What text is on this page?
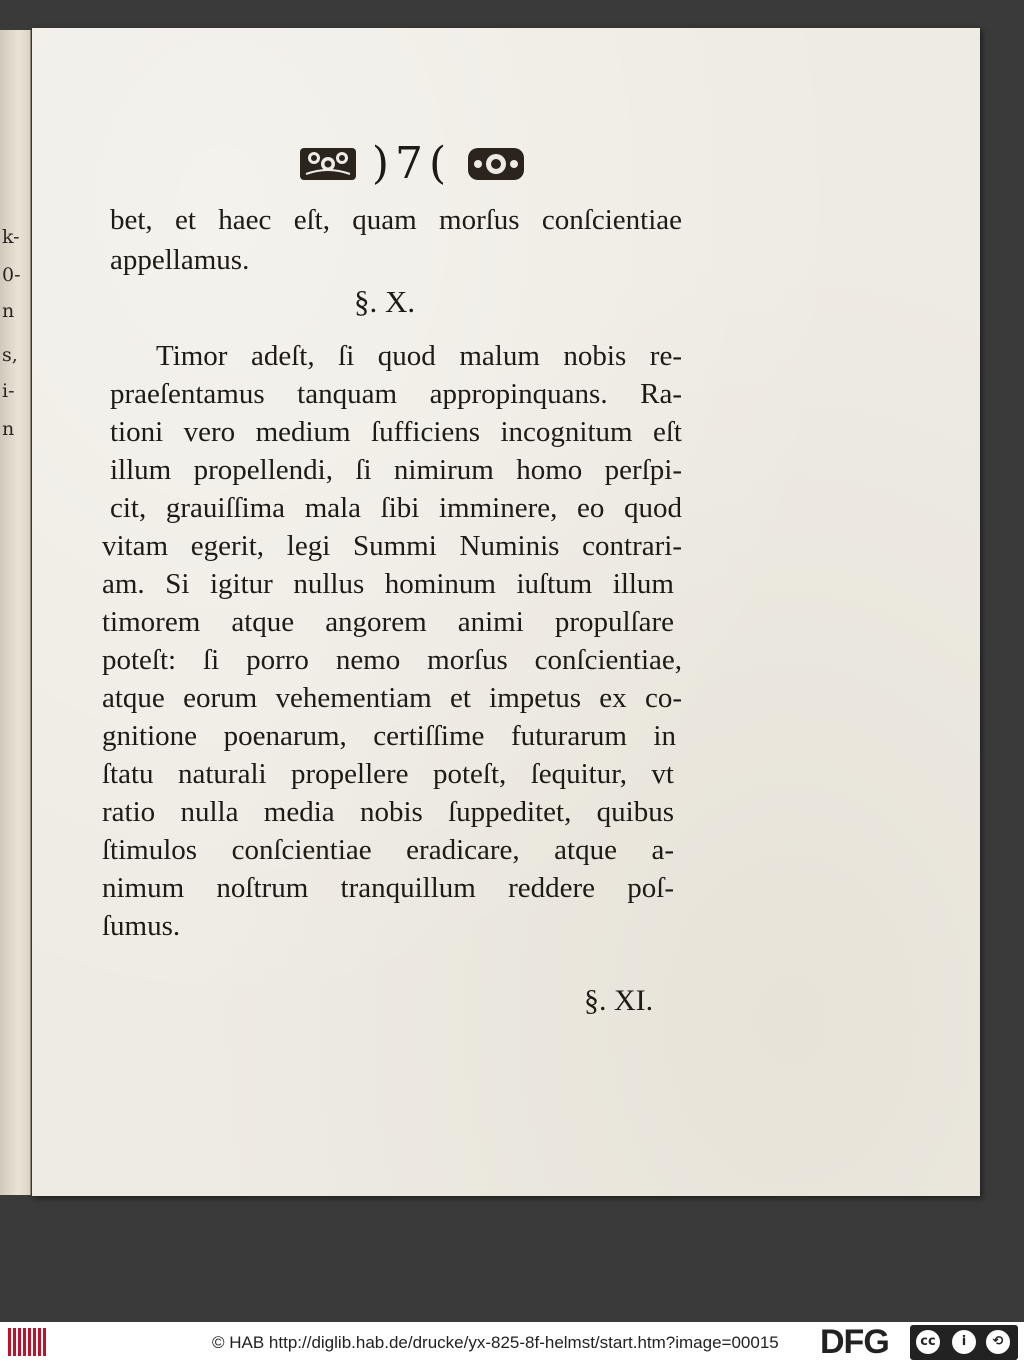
k-
0-
n
s,
i-
n
)7(
bet, et haec eſt, quam morſus conſcientiae
appellamus.
§. X.
Timor adeſt, ſi quod malum nobis re-
praeſentamus tanquam appropinquans. Ra-
tioni vero medium ſufficiens incognitum eſt
illum propellendi, ſi nimirum homo perſpi-
cit, grauiſſima mala ſibi imminere, eo quod
vitam egerit, legi Summi Numinis contrari-
am. Si igitur nullus hominum iuſtum illum
timorem atque angorem animi propulſare
poteſt: ſi porro nemo morſus conſcientiae,
atque eorum vehementiam et impetus ex co-
gnitione poenarum, certiſſime futurarum in
ſtatu naturali propellere poteſt, ſequitur, vt
ratio nulla media nobis ſuppeditet, quibus
ſtimulos conſcientiae eradicare, atque a-
nimum noſtrum tranquillum reddere poſ-
ſumus.
§. XI.
© HAB http://diglib.hab.de/drucke/yx-825-8f-helmst/start.htm?image=00015 DFG	cc	i	⟲
